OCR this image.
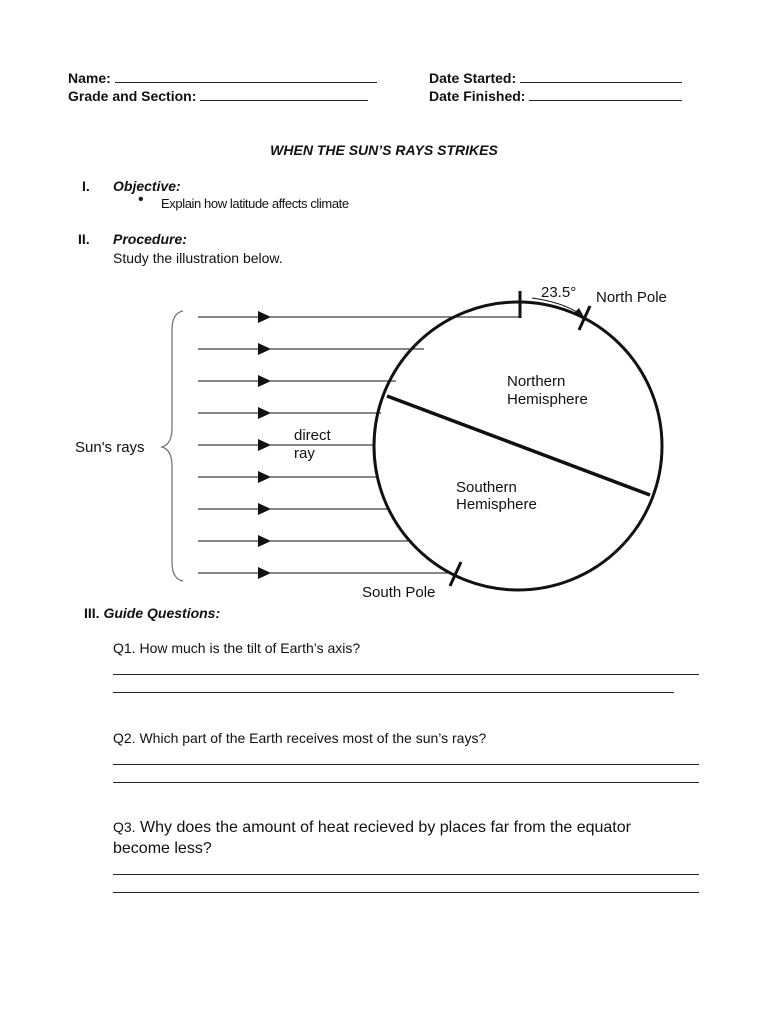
Name:
Grade and Section:
Date Started:
Date Finished:
WHEN THE SUN’S RAYS STRIKES
I. Objective:
• Explain how latitude affects climate
II. Procedure:
Study the illustration below.
Sun's rays
direct
ray
23.5° North Pole
South Pole
Northern
Hemisphere
Southern
Hemisphere
III. Guide Questions:
Q1. How much is the tilt of Earth’s axis?
Q2. Which part of the Earth receives most of the sun’s rays?
Q3. Why does the amount of heat recieved by places far from the equator
become less?
